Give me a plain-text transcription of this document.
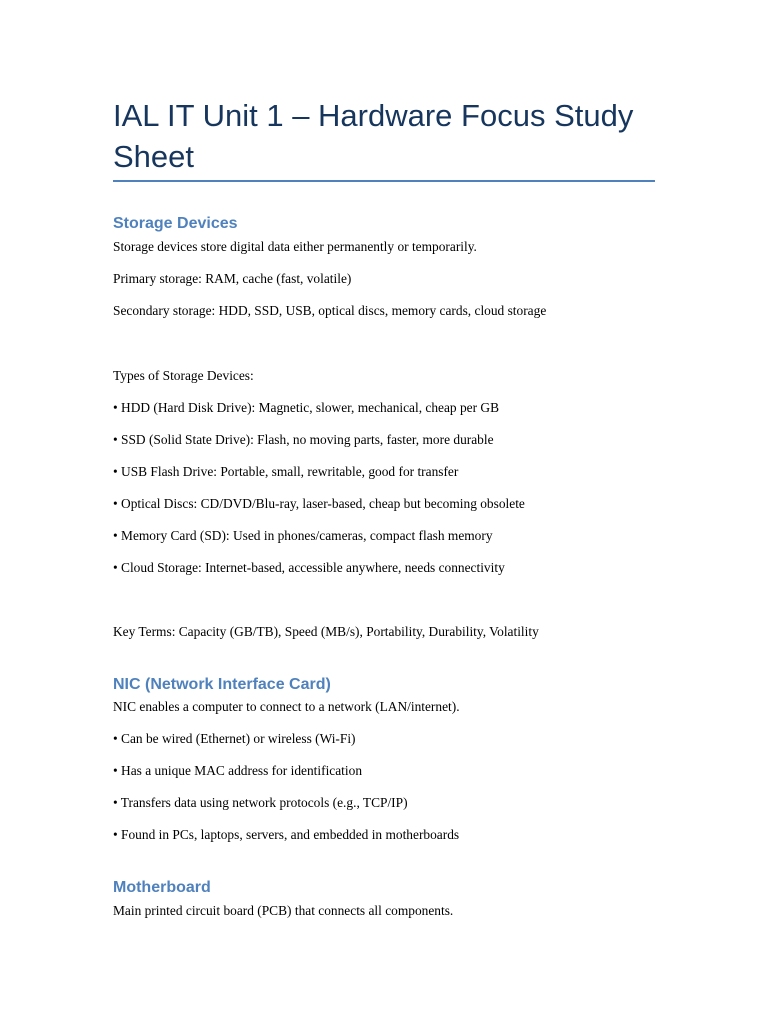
IAL IT Unit 1 – Hardware Focus Study Sheet
Storage Devices

Storage devices store digital data either permanently or temporarily.

Primary storage: RAM, cache (fast, volatile)

Secondary storage: HDD, SSD, USB, optical discs, memory cards, cloud storage

Types of Storage Devices:

• HDD (Hard Disk Drive): Magnetic, slower, mechanical, cheap per GB

• SSD (Solid State Drive): Flash, no moving parts, faster, more durable

• USB Flash Drive: Portable, small, rewritable, good for transfer

• Optical Discs: CD/DVD/Blu-ray, laser-based, cheap but becoming obsolete

• Memory Card (SD): Used in phones/cameras, compact flash memory

• Cloud Storage: Internet-based, accessible anywhere, needs connectivity

Key Terms: Capacity (GB/TB), Speed (MB/s), Portability, Durability, Volatility

NIC (Network Interface Card)

NIC enables a computer to connect to a network (LAN/internet).

• Can be wired (Ethernet) or wireless (Wi-Fi)

• Has a unique MAC address for identification

• Transfers data using network protocols (e.g., TCP/IP)

• Found in PCs, laptops, servers, and embedded in motherboards

Motherboard

Main printed circuit board (PCB) that connects all components.
